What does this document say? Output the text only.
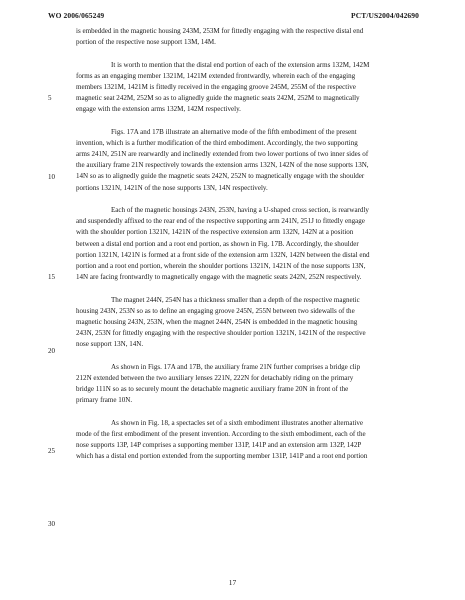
WO 2006/065249	PCT/US2004/042690
5
10
15
20
25
30
is embedded in the magnetic housing 243M, 253M for fittedly engaging with the respective distal end
portion of the respective nose support 13M, 14M.
It is worth to mention that the distal end portion of each of the extension arms 132M, 142M
forms as an engaging member 1321M, 1421M extended frontwardly, wherein each of the engaging
members 1321M, 1421M is fittedly received in the engaging groove 245M, 255M of the respective
magnetic seat 242M, 252M so as to alignedly guide the magnetic seats 242M, 252M to magnetically
engage with the extension arms 132M, 142M respectively.
Figs. 17A and 17B illustrate an alternative mode of the fifth embodiment of the present
invention, which is a further modification of the third embodiment. Accordingly, the two supporting
arms 241N, 251N are rearwardly and inclinedly extended from two lower portions of two inner sides of
the auxiliary frame 21N respectively towards the extension arms 132N, 142N of the nose supports 13N,
14N so as to alignedly guide the magnetic seats 242N, 252N to magnetically engage with the shoulder
portions 1321N, 1421N of the nose supports 13N, 14N respectively.
Each of the magnetic housings 243N, 253N, having a U-shaped cross section, is rearwardly
and suspendedly affixed to the rear end of the respective supporting arm 241N, 251J to fittedly engage
with the shoulder portion 1321N, 1421N of the respective extension arm 132N, 142N at a position
between a distal end portion and a root end portion, as shown in Fig. 17B. Accordingly, the shoulder
portion 1321N, 1421N is formed at a front side of the extension arm 132N, 142N between the distal end
portion and a root end portion, wherein the shoulder portions 1321N, 1421N of the nose supports 13N,
14N are facing frontwardly to magnetically engage with the magnetic seats 242N, 252N respectively.
The magnet 244N, 254N has a thickness smaller than a depth of the respective magnetic
housing 243N, 253N so as to define an engaging groove 245N, 255N between two sidewalls of the
magnetic housing 243N, 253N, when the magnet 244N, 254N is embedded in the magnetic housing
243N, 253N for fittedly engaging with the respective shoulder portion 1321N, 1421N of the respective
nose support 13N, 14N.
As shown in Figs. 17A and 17B, the auxiliary frame 21N further comprises a bridge clip
212N extended between the two auxiliary lenses 221N, 222N for detachably riding on the primary
bridge 111N so as to securely mount the detachable magnetic auxiliary frame 20N in front of the
primary frame 10N.
As shown in Fig. 18, a spectacles set of a sixth embodiment illustrates another alternative
mode of the first embodiment of the present invention. According to the sixth embodiment, each of the
nose supports 13P, 14P comprises a supporting member 131P, 141P and an extension arm 132P, 142P
which has a distal end portion extended from the supporting member 131P, 141P and a root end portion
17
